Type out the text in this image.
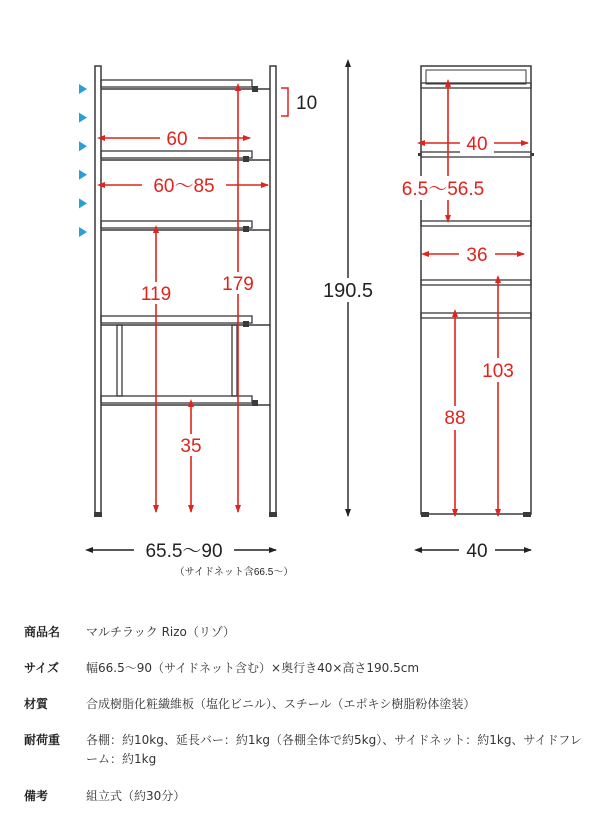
10
60
60〜85
179
119
35
190.5
65.5〜90
（サイドネット含66.5〜）
6.5〜56.5
40
36
103
88
40
商品名 マルチラック Rizo（リゾ）
サイズ 幅66.5〜90（サイドネット含む）×奥行き40×高さ190.5cm
材質	合成樹脂化粧繊維板（塩化ビニル）、スチール（エポキシ樹脂粉体塗装）
耐荷重 各棚：約10kg、延長バー：約1kg（各棚全体で約5kg）、サイドネット：約1kg、サイドフレーム：約1kg
備考	組立式（約30分）
